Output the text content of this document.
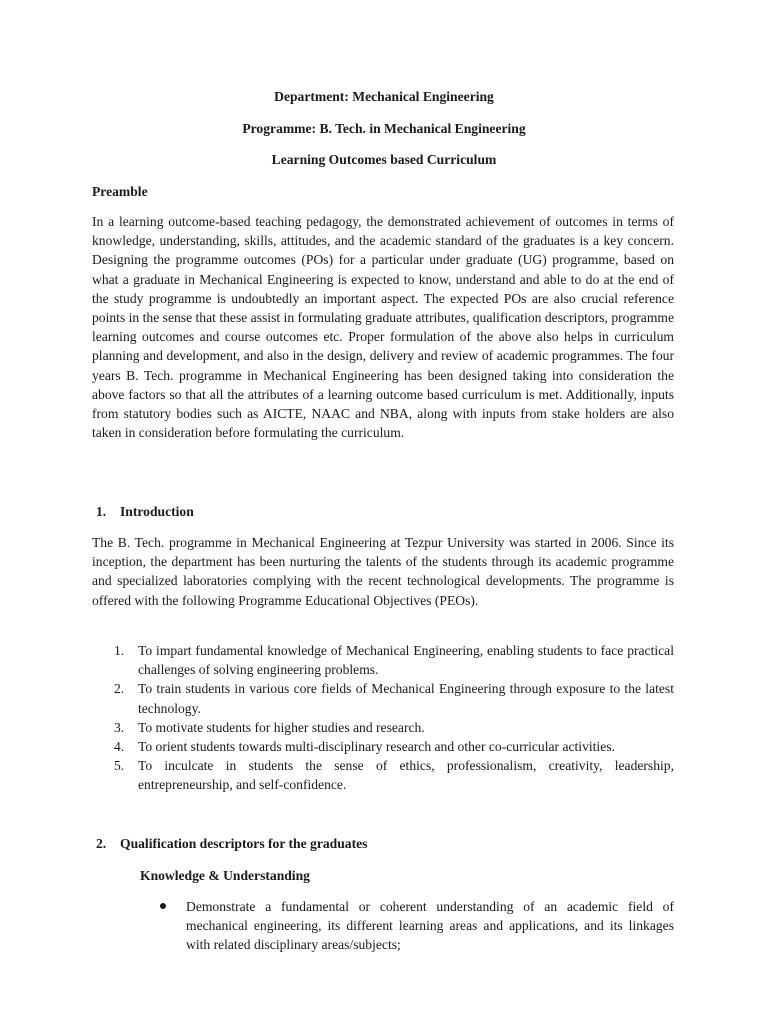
Department: Mechanical Engineering
Programme: B. Tech. in Mechanical Engineering
Learning Outcomes based Curriculum
Preamble

In a learning outcome-based teaching pedagogy, the demonstrated achievement of outcomes in terms of knowledge, understanding, skills, attitudes, and the academic standard of the graduates is a key concern. Designing the programme outcomes (POs) for a particular under graduate (UG) programme, based on what a graduate in Mechanical Engineering is expected to know, understand and able to do at the end of the study programme is undoubtedly an important aspect. The expected POs are also crucial reference points in the sense that these assist in formulating graduate attributes, qualification descriptors, programme learning outcomes and course outcomes etc. Proper formulation of the above also helps in curriculum planning and development, and also in the design, delivery and review of academic programmes. The four years B. Tech. programme in Mechanical Engineering has been designed taking into consideration the above factors so that all the attributes of a learning outcome based curriculum is met. Additionally, inputs from statutory bodies such as AICTE, NAAC and NBA, along with inputs from stake holders are also taken in consideration before formulating the curriculum.

1. Introduction

The B. Tech. programme in Mechanical Engineering at Tezpur University was started in 2006. Since its inception, the department has been nurturing the talents of the students through its academic programme and specialized laboratories complying with the recent technological developments. The programme is offered with the following Programme Educational Objectives (PEOs).

1. To impart fundamental knowledge of Mechanical Engineering, enabling students to face practical challenges of solving engineering problems.
2. To train students in various core fields of Mechanical Engineering through exposure to the latest technology.
3. To motivate students for higher studies and research.
4. To orient students towards multi-disciplinary research and other co-curricular activities.
5. To inculcate in students the sense of ethics, professionalism, creativity, leadership, entrepreneurship, and self-confidence.
2. Qualification descriptors for the graduates
Knowledge & Understanding
Demonstrate a fundamental or coherent understanding of an academic field of mechanical engineering, its different learning areas and applications, and its linkages with related disciplinary areas/subjects;
